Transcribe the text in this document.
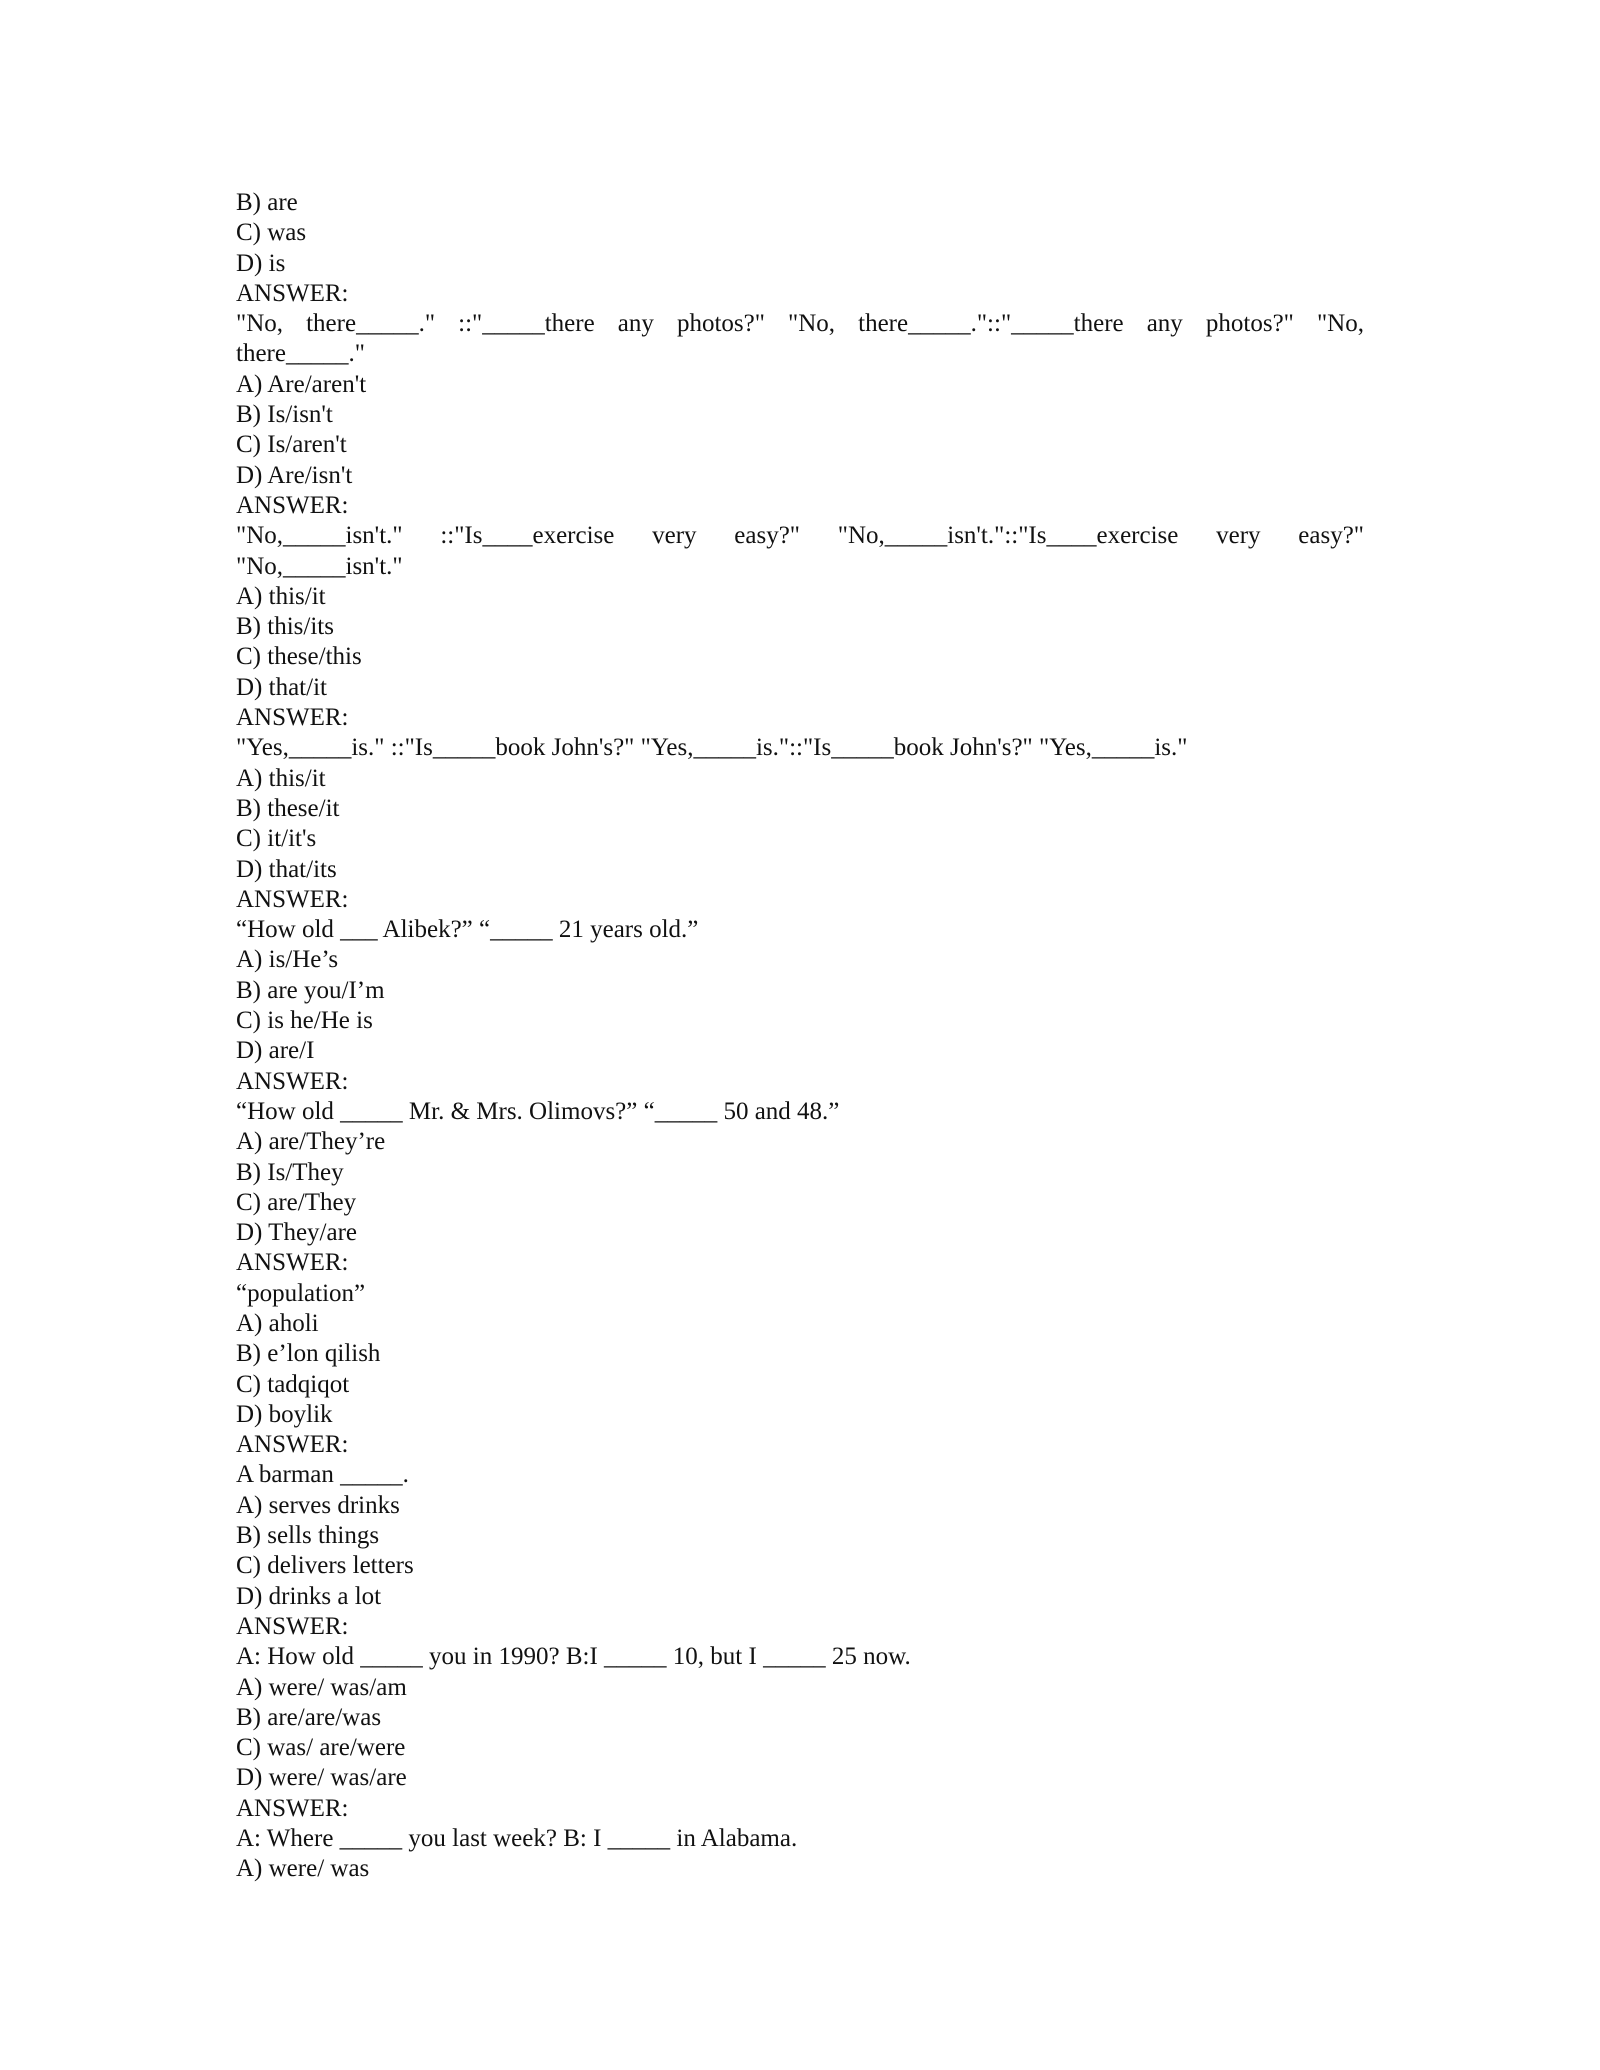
B) are
C) was
D) is
ANSWER:
"No, there_____." ::"_____there any photos?" "No, there_____."::"_____there any photos?" "No,
there_____."
A) Are/aren't
B) Is/isn't
C) Is/aren't
D) Are/isn't
ANSWER:
"No,_____isn't." ::"Is____exercise very easy?" "No,_____isn't."::"Is____exercise very easy?"
"No,_____isn't."
A) this/it
B) this/its
C) these/this
D) that/it
ANSWER:
"Yes,_____is." ::"Is_____book John's?" "Yes,_____is."::"Is_____book John's?" "Yes,_____is."
A) this/it
B) these/it
C) it/it's
D) that/its
ANSWER:
“How old ___ Alibek?” “_____ 21 years old.”
A) is/He’s
B) are you/I’m
C) is he/He is
D) are/I
ANSWER:
“How old _____ Mr. & Mrs. Olimovs?” “_____ 50 and 48.”
A) are/They’re
B) Is/They
C) are/They
D) They/are
ANSWER:
“population”
A) aholi
B) e’lon qilish
C) tadqiqot
D) boylik
ANSWER:
A barman _____.
A) serves drinks
B) sells things
C) delivers letters
D) drinks a lot
ANSWER:
A: How old _____ you in 1990? B:I _____ 10, but I _____ 25 now.
A) were/ was/am
B) are/are/was
C) was/ are/were
D) were/ was/are
ANSWER:
A: Where _____ you last week? B: I _____ in Alabama.
A) were/ was
